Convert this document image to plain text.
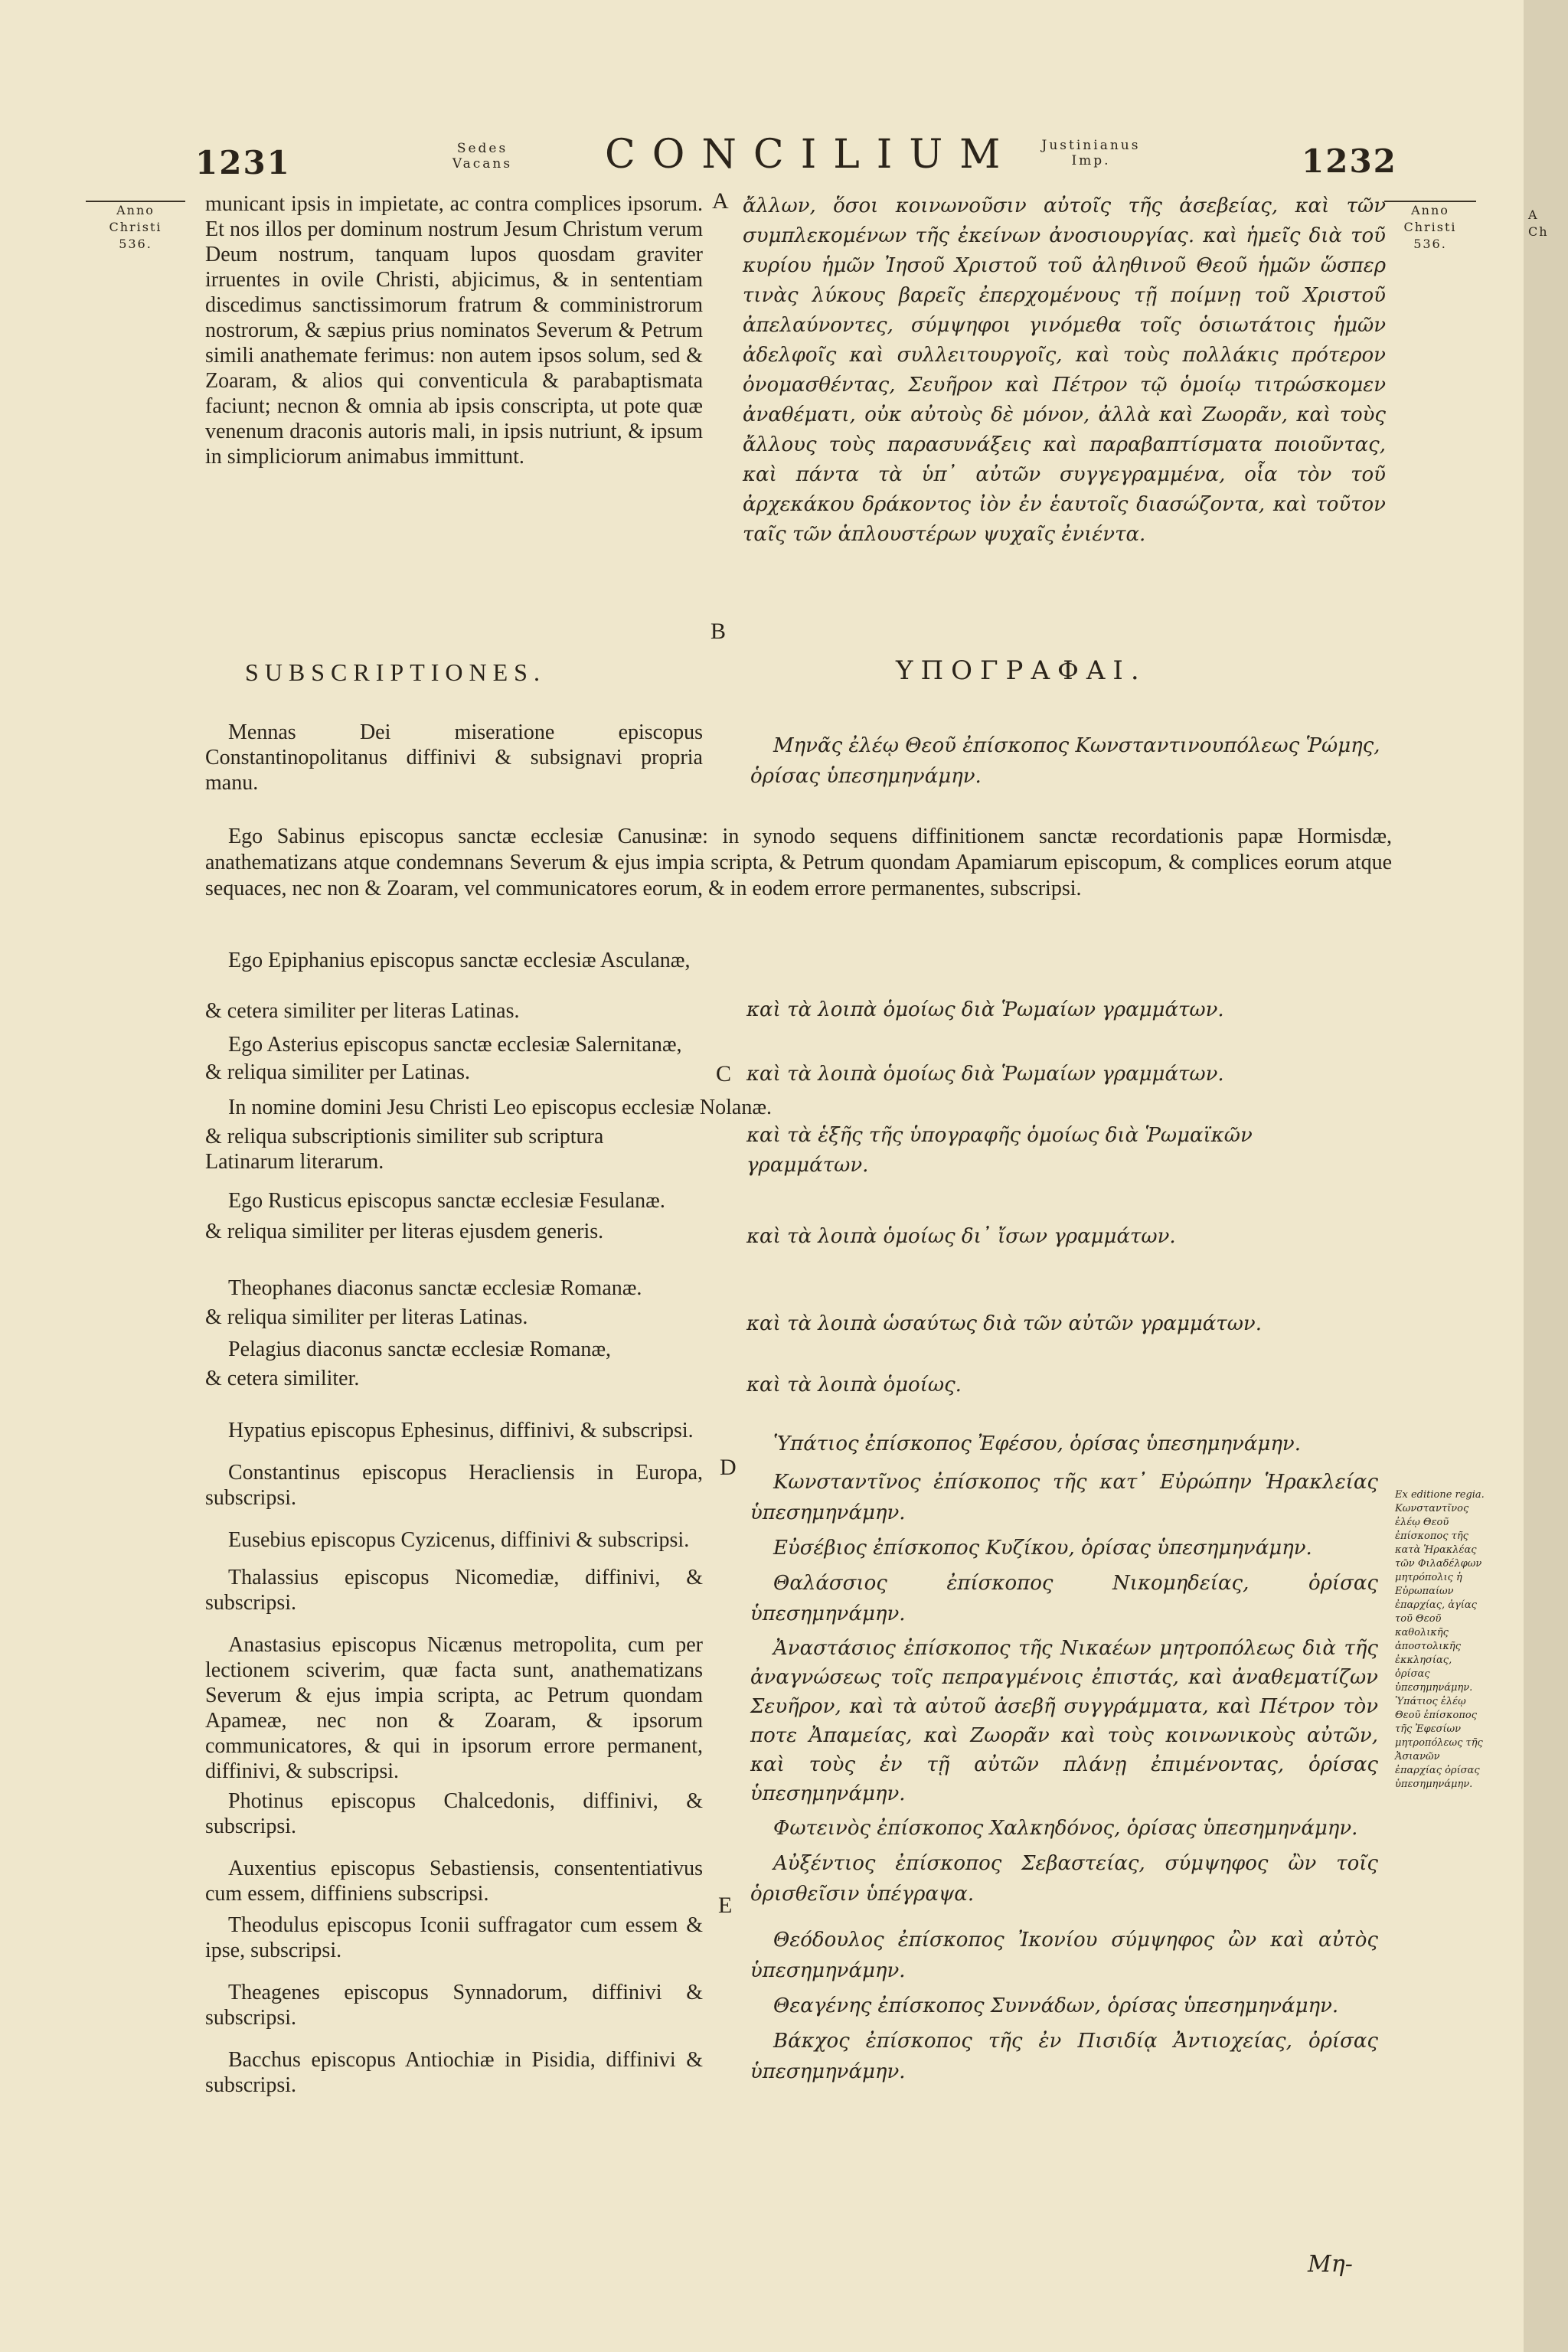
1231	Sedes
Vacans	CONCILIUM	Justinianus
Imp.	1232
Anno
Christi
536.
Anno
Christi
536.
A
Ch
A
B
C
D
E
municant ipsis in impietate, ac contra complices ipsorum. Et nos illos per dominum nostrum Jesum Christum verum Deum nostrum, tanquam lupos quosdam graviter irruentes in ovile Christi, abjicimus, & in sententiam discedimus sanctissimorum fratrum & comministrorum nostrorum, & sæpius prius nominatos Severum & Petrum simili anathemate ferimus: non autem ipsos solum, sed & Zoaram, & alios qui conventicula & parabaptismata faciunt; necnon & omnia ab ipsis conscripta, ut pote quæ venenum draconis autoris mali, in ipsis nutriunt, & ipsum in simpliciorum animabus immittunt.
ἄλλων, ὅσοι κοινωνοῦσιν αὐτοῖς τῆς ἀσεβείας, καὶ τῶν συμπλεκομένων τῆς ἐκείνων ἀνοσιουργίας. καὶ ἡμεῖς διὰ τοῦ κυρίου ἡμῶν Ἰησοῦ Χριστοῦ τοῦ ἀληθινοῦ Θεοῦ ἡμῶν ὥσπερ τινὰς λύκους βαρεῖς ἐπερχομένους τῇ ποίμνῃ τοῦ Χριστοῦ ἀπελαύνοντες, σύμψηφοι γινόμεθα τοῖς ὁσιωτάτοις ἡμῶν ἀδελφοῖς καὶ συλλειτουργοῖς, καὶ τοὺς πολλάκις πρότερον ὀνομασθέντας, Σευῆρον καὶ Πέτρον τῷ ὁμοίῳ τιτρώσκομεν ἀναθέματι, οὐκ αὐτοὺς δὲ μόνον, ἀλλὰ καὶ Ζωορᾶν, καὶ τοὺς ἄλλους τοὺς παρασυνάξεις καὶ παραβαπτίσματα ποιοῦντας, καὶ πάντα τὰ ὑπ᾽ αὐτῶν συγγεγραμμένα, οἷα τὸν τοῦ ἀρχεκάκου δράκοντος ἰὸν ἐν ἑαυτοῖς διασώζοντα, καὶ τοῦτον ταῖς τῶν ἁπλουστέρων ψυχαῖς ἐνιέντα.
SUBSCRIPTIONES.	ΥΠΟΓΡΑΦΑΙ.
Mennas Dei miseratione episcopus Constantinopolitanus diffinivi & subsignavi propria manu.
Μηνᾶς ἐλέῳ Θεοῦ ἐπίσκοπος Κωνσταντινουπόλεως Ῥώμης, ὁρίσας ὑπεσημηνάμην.
Ego Sabinus episcopus sanctæ ecclesiæ Canusinæ: in synodo sequens diffinitionem sanctæ recordationis papæ Hormisdæ, anathematizans atque condemnans Severum & ejus impia scripta, & Petrum quondam Apamiarum episcopum, & complices eorum atque sequaces, nec non & Zoaram, vel communicatores eorum, & in eodem errore permanentes, subscripsi.
Ego Epiphanius episcopus sanctæ ecclesiæ Asculanæ,
& cetera similiter per literas Latinas.	καὶ τὰ λοιπὰ ὁμοίως διὰ Ῥωμαίων γραμμάτων.
Ego Asterius episcopus sanctæ ecclesiæ Salernitanæ,
& reliqua similiter per Latinas.	καὶ τὰ λοιπὰ ὁμοίως διὰ Ῥωμαίων γραμμάτων.
In nomine domini Jesu Christi Leo episcopus ecclesiæ Nolanæ.
& reliqua subscriptionis similiter sub scriptura Latinarum literarum.
καὶ τὰ ἑξῆς τῆς ὑπογραφῆς ὁμοίως διὰ Ῥωμαϊκῶν γραμμάτων.
Ego Rusticus episcopus sanctæ ecclesiæ Fesulanæ.
& reliqua similiter per literas ejusdem generis.	καὶ τὰ λοιπὰ ὁμοίως δι᾽ ἴσων γραμμάτων.
Theophanes diaconus sanctæ ecclesiæ Romanæ.
& reliqua similiter per literas Latinas.	καὶ τὰ λοιπὰ ὡσαύτως διὰ τῶν αὐτῶν γραμμάτων.
Pelagius diaconus sanctæ ecclesiæ Romanæ,
& cetera similiter.	καὶ τὰ λοιπὰ ὁμοίως.

Hypatius episcopus Ephesinus, diffinivi, & subscripsi.

Constantinus episcopus Heracliensis in Europa, subscripsi.

Eusebius episcopus Cyzicenus, diffinivi & subscripsi.

Thalassius episcopus Nicomediæ, diffinivi, & subscripsi.

Anastasius episcopus Nicænus metropolita, cum per lectionem sciverim, quæ facta sunt, anathematizans Severum & ejus impia scripta, ac Petrum quondam Apameæ, nec non & Zoaram, & ipsorum communicatores, & qui in ipsorum errore permanent, diffinivi, & subscripsi.

Photinus episcopus Chalcedonis, diffinivi, & subscripsi.

Auxentius episcopus Sebastiensis, consententiativus cum essem, diffiniens subscripsi.

Theodulus episcopus Iconii suffragator cum essem & ipse, subscripsi.

Theagenes episcopus Synnadorum, diffinivi & subscripsi.

Bacchus episcopus Antiochiæ in Pisidia, diffinivi & subscripsi.

Ὑπάτιος ἐπίσκοπος Ἐφέσου, ὁρίσας ὑπεσημηνάμην.

Κωνσταντῖνος ἐπίσκοπος τῆς κατ᾽ Εὐρώπην Ἡρακλείας ὑπεσημηνάμην.

Εὐσέβιος ἐπίσκοπος Κυζίκου, ὁρίσας ὑπεσημηνάμην.

Θαλάσσιος ἐπίσκοπος Νικομηδείας, ὁρίσας ὑπεσημηνάμην.

Ἀναστάσιος ἐπίσκοπος τῆς Νικαέων μητροπόλεως διὰ τῆς ἀναγνώσεως τοῖς πεπραγμένοις ἐπιστάς, καὶ ἀναθεματίζων Σευῆρον, καὶ τὰ αὐτοῦ ἀσεβῆ συγγράμματα, καὶ Πέτρον τὸν ποτε Ἀπαμείας, καὶ Ζωορᾶν καὶ τοὺς κοινωνικοὺς αὐτῶν, καὶ τοὺς ἐν τῇ αὐτῶν πλάνῃ ἐπιμένοντας, ὁρίσας ὑπεσημηνάμην.

Φωτεινὸς ἐπίσκοπος Χαλκηδόνος, ὁρίσας ὑπεσημηνάμην.

Αὐξέντιος ἐπίσκοπος Σεβαστείας, σύμψηφος ὢν τοῖς ὁρισθεῖσιν ὑπέγραψα.

Θεόδουλος ἐπίσκοπος Ἰκονίου σύμψηφος ὢν καὶ αὐτὸς ὑπεσημηνάμην.

Θεαγένης ἐπίσκοπος Συννάδων, ὁρίσας ὑπεσημηνάμην.

Βάκχος ἐπίσκοπος τῆς ἐν Πισιδίᾳ Ἀντιοχείας, ὁρίσας ὑπεσημηνάμην.

Ex editione regia. Κωνσταντῖνος ἐλέῳ Θεοῦ ἐπίσκοπος τῆς κατὰ Ἡρακλέας τῶν Φιλαδέλφων μητρόπολις ἡ Εὐρωπαίων ἐπαρχίας, ἁγίας τοῦ Θεοῦ καθολικῆς ἀποστολικῆς ἐκκλησίας, ὁρίσας ὑπεσημηνάμην. Ὑπάτιος ἐλέῳ Θεοῦ ἐπίσκοπος τῆς Ἐφεσίων μητροπόλεως τῆς Ἀσιανῶν ἐπαρχίας ὁρίσας ὑπεσημηνάμην.
Μη-
